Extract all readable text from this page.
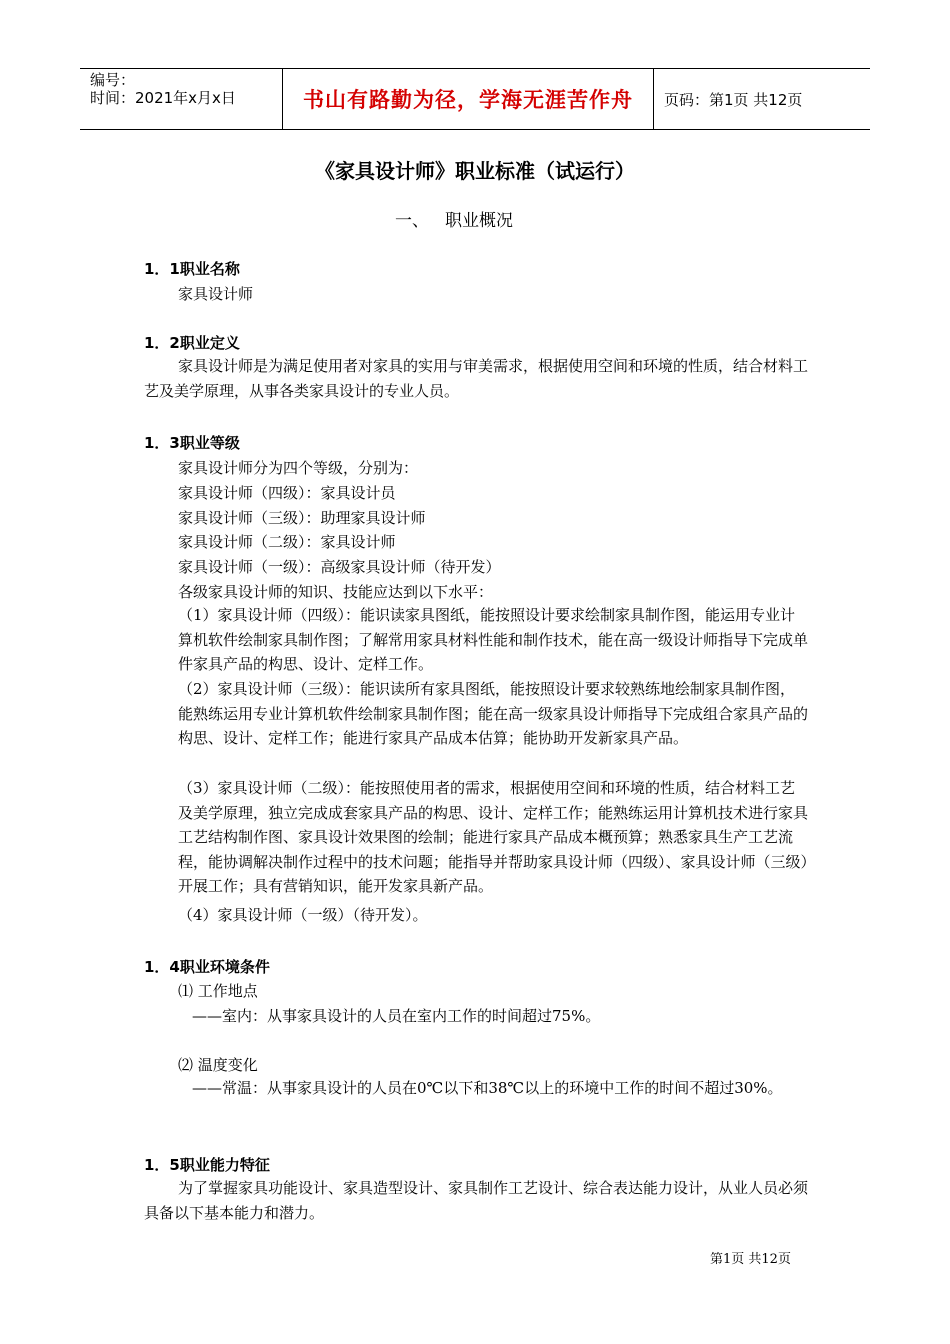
编号：
时间：2021年x月x日	书山有路勤为径，学海无涯苦作舟	页码：第1页 共12页
《家具设计师》职业标准（试运行）
一、 职业概况
1．1职业名称
家具设计师
1．2职业定义
家具设计师是为满足使用者对家具的实用与审美需求，根据使用空间和环境的性质，结合材料工艺及美学原理，从事各类家具设计的专业人员。
1．3职业等级
家具设计师分为四个等级，分别为：
家具设计师（四级）：家具设计员
家具设计师（三级）：助理家具设计师
家具设计师（二级）：家具设计师
家具设计师（一级）：高级家具设计师（待开发）
各级家具设计师的知识、技能应达到以下水平：
（1）家具设计师（四级）：能识读家具图纸，能按照设计要求绘制家具制作图，能运用专业计算机软件绘制家具制作图；了解常用家具材料性能和制作技术，能在高一级设计师指导下完成单件家具产品的构思、设计、定样工作。
（2）家具设计师（三级）：能识读所有家具图纸，能按照设计要求较熟练地绘制家具制作图，能熟练运用专业计算机软件绘制家具制作图；能在高一级家具设计师指导下完成组合家具产品的构思、设计、定样工作；能进行家具产品成本估算；能协助开发新家具产品。
（3）家具设计师（二级）：能按照使用者的需求，根据使用空间和环境的性质，结合材料工艺及美学原理，独立完成成套家具产品的构思、设计、定样工作；能熟练运用计算机技术进行家具工艺结构制作图、家具设计效果图的绘制；能进行家具产品成本概预算；熟悉家具生产工艺流程，能协调解决制作过程中的技术问题；能指导并帮助家具设计师（四级）、家具设计师（三级）开展工作；具有营销知识，能开发家具新产品。
（4）家具设计师（一级）（待开发）。
1．4职业环境条件
⑴ 工作地点
——室内：从事家具设计的人员在室内工作的时间超过75%。
⑵ 温度变化
——常温：从事家具设计的人员在0℃以下和38℃以上的环境中工作的时间不超过30%。
1．5职业能力特征
为了掌握家具功能设计、家具造型设计、家具制作工艺设计、综合表达能力设计，从业人员必须具备以下基本能力和潜力。
第1页 共12页
